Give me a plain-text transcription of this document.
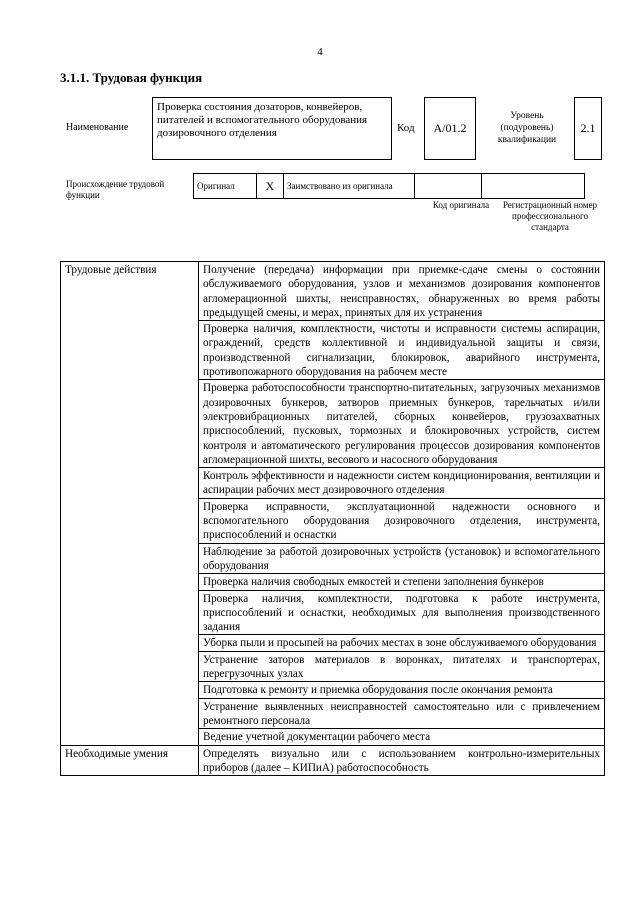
4
3.1.1. Трудовая функция
Наименование
Проверка состояния дозаторов, конвейеров, питателей и вспомогательного оборудования дозировочного отделения	Код А/01.2
Уровень (подуровень) квалификации
2.1
Происхождение трудовой функции
Оригинал	X	Заимствовано из оригинала		
Код оригинала	Регистрационный номер профессионального стандарта
Трудовые действия	Получение (передача) информации при приемке-сдаче смены о состоянии обслуживаемого оборудования, узлов и механизмов дозирования компонентов агломерационной шихты, неисправностях, обнаруженных во время работы предыдущей смены, и мерах, принятых для их устранения
	Проверка наличия, комплектности, чистоты и исправности системы аспирации, ограждений, средств коллективной и индивидуальной защиты и связи, производственной сигнализации, блокировок, аварийного инструмента, противопожарного оборудования на рабочем месте
	Проверка работоспособности транспортно-питательных, загрузочных механизмов дозировочных бункеров, затворов приемных бункеров, тарельчатых и/или электровибрационных питателей, сборных конвейеров, грузозахватных приспособлений, пусковых, тормозных и блокировочных устройств, систем контроля и автоматического регулирования процессов дозирования компонентов агломерационной шихты, весового и насосного оборудования
	Контроль эффективности и надежности систем кондиционирования, вентиляции и аспирации рабочих мест дозировочного отделения
	Проверка исправности, эксплуатационной надежности основного и вспомогательного оборудования дозировочного отделения, инструмента, приспособлений и оснастки
	Наблюдение за работой дозировочных устройств (установок) и вспомогательного оборудования
	Проверка наличия свободных емкостей и степени заполнения бункеров
	Проверка наличия, комплектности, подготовка к работе инструмента, приспособлений и оснастки, необходимых для выполнения производственного задания
	Уборка пыли и просыпей на рабочих местах в зоне обслуживаемого оборудования
	Устранение заторов материалов в воронках, питателях и транспортерах, перегрузочных узлах
	Подготовка к ремонту и приемка оборудования после окончания ремонта
	Устранение выявленных неисправностей самостоятельно или с привлечением ремонтного персонала
	Ведение учетной документации рабочего места
Необходимые умения	Определять визуально или с использованием контрольно-измерительных приборов (далее – КИПиА) работоспособность
